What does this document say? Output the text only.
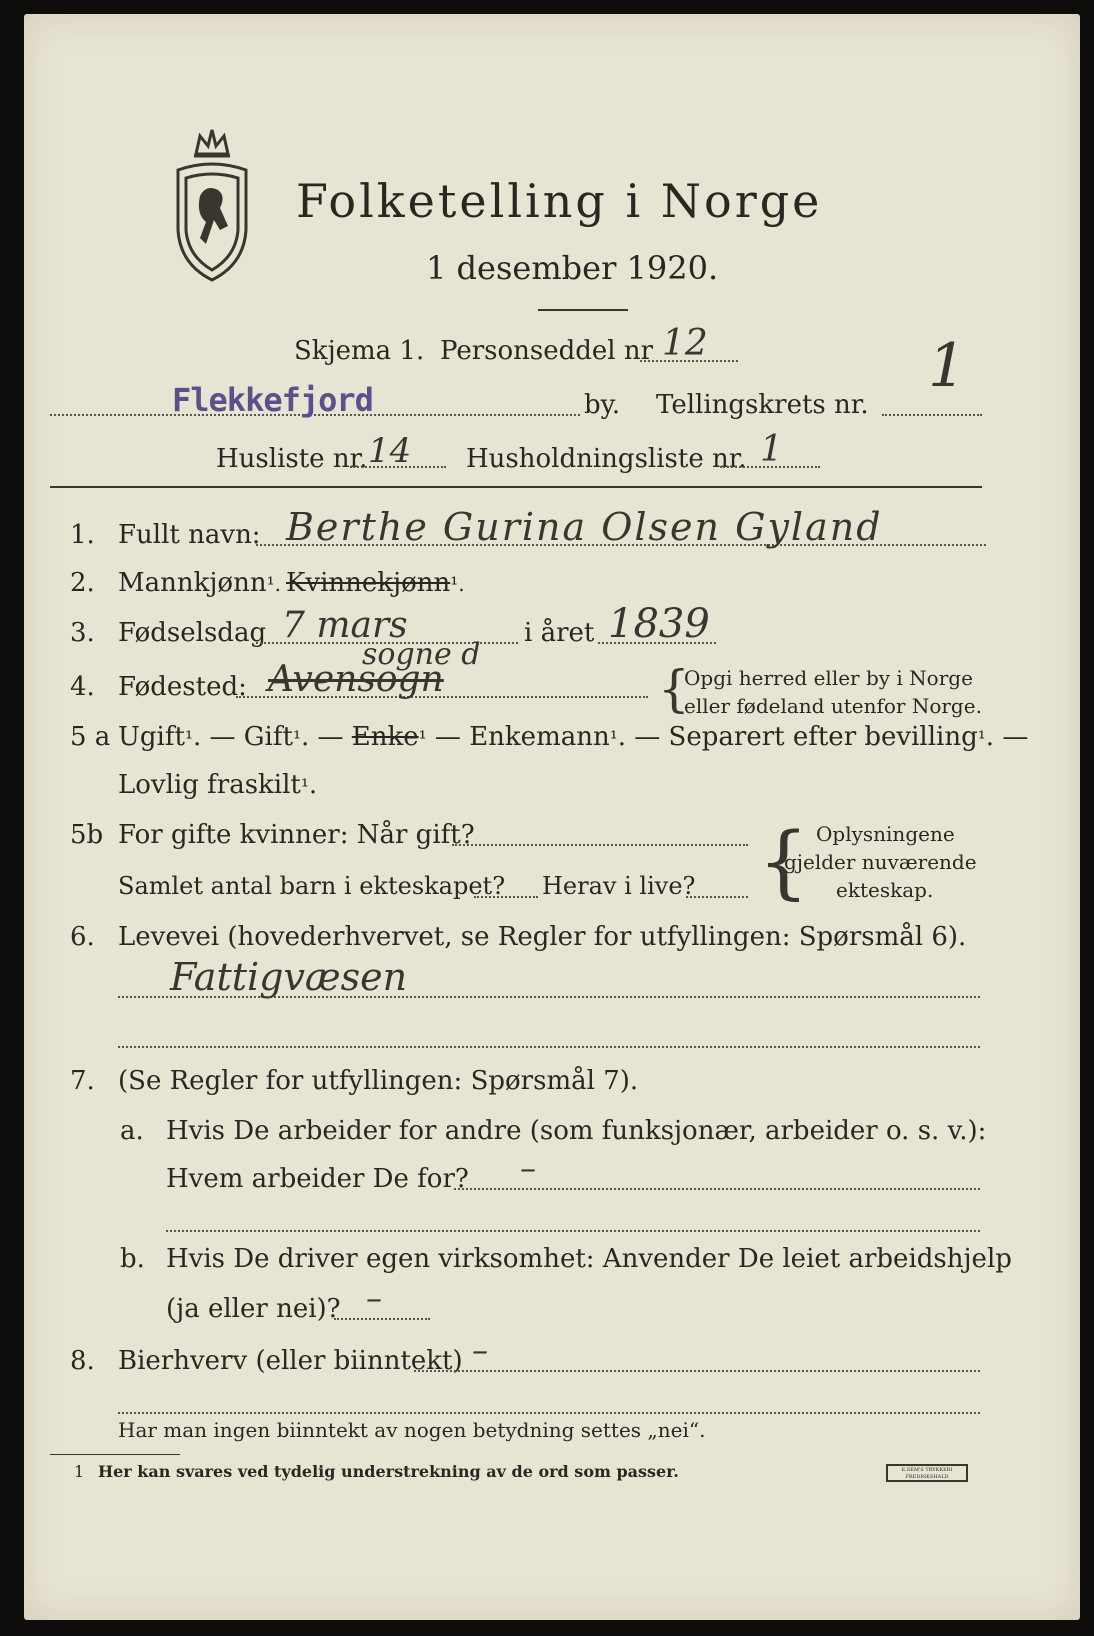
Folketelling i Norge
1 desember 1920.
Skjema 1. Personseddel nr 12
Flekkefjord	by. Tellingskrets nr.
1
Husliste nr. 14 Husholdningsliste nr. 1
1. Fullt navn: Berthe Gurina Olsen Gyland
2. Mannkjønn¹. Kvinnekjønn¹.
3. Fødselsdag 7 mars	i året 1839
4. Fødested:
sogne d
Avensogn	{
Opgi herred eller by i Norge
eller fødeland utenfor Norge.
5 a Ugift¹. — Gift¹. — Enke¹ — Enkemann¹. — Separert efter bevilling¹. —
Lovlig fraskilt¹.
5b For gifte kvinner: Når gift?
Samlet antal barn i ekteskapet? Herav i live? { Oplysningene
gjelder nuværende
ekteskap.
6. Levevei (hovederhvervet, se Regler for utfyllingen: Spørsmål 6).
Fattigvæsen
7. (Se Regler for utfyllingen: Spørsmål 7).
a. Hvis De arbeider for andre (som funksjonær, arbeider o. s. v.):
Hvem arbeider De for? –
b. Hvis De driver egen virksomhet: Anvender De leiet arbeidshjelp
(ja eller nei)? –
8. Bierhverv (eller biinntekt) –
Har man ingen biinntekt av nogen betydning settes „nei“.
1 Her kan svares ved tydelig understrekning av de ord som passer.	E.SEM'S TRYKKERI FREDRIKSHALD
